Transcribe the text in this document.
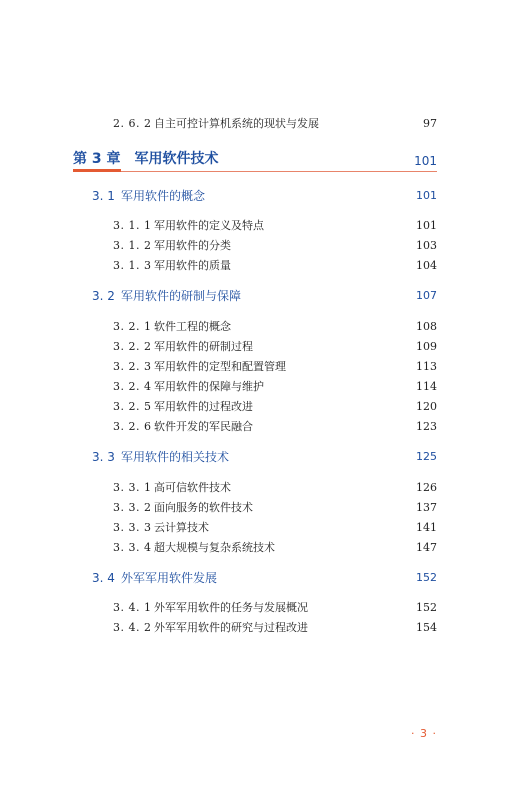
2. 6. 2 自主可控计算机系统的现状与发展	97
第 3 章　军用软件技术	101
3. 1 军用软件的概念	101
3. 1. 1 军用软件的定义及特点	101
3. 1. 2 军用软件的分类	103
3. 1. 3 军用软件的质量	104
3. 2 军用软件的研制与保障	107
3. 2. 1 软件工程的概念	108
3. 2. 2 军用软件的研制过程	109
3. 2. 3 军用软件的定型和配置管理	113
3. 2. 4 军用软件的保障与维护	114
3. 2. 5 军用软件的过程改进	120
3. 2. 6 软件开发的军民融合	123
3. 3 军用软件的相关技术	125
3. 3. 1 高可信软件技术	126
3. 3. 2 面向服务的软件技术	137
3. 3. 3 云计算技术	141
3. 3. 4 超大规模与复杂系统技术	147
3. 4 外军军用软件发展	152
3. 4. 1 外军军用软件的任务与发展概况	152
3. 4. 2 外军军用软件的研究与过程改进	154
· 3 ·
